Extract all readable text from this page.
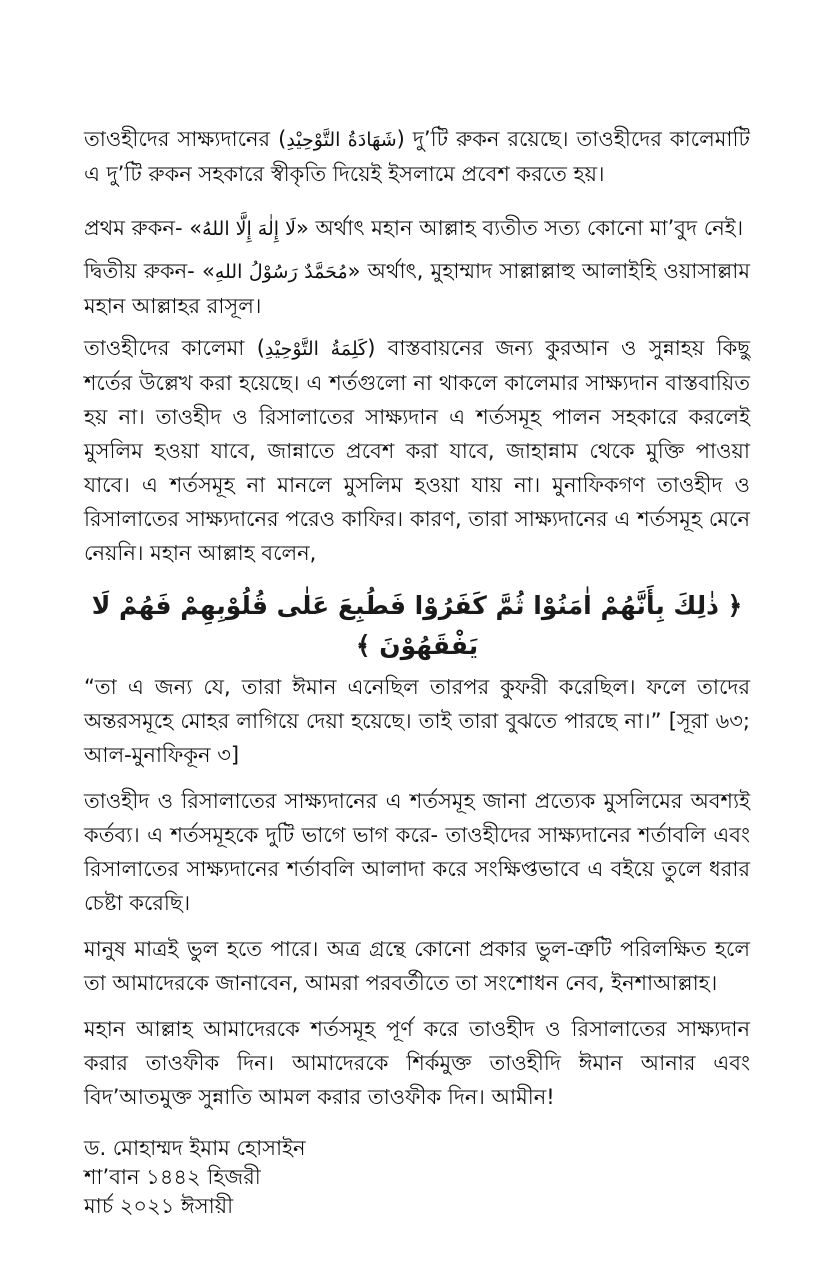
তাওহীদের সাক্ষ্যদানের (شَهَادَةُ التَّوْحِيْدِ) দু’টি রুকন রয়েছে। তাওহীদের কালেমাটি এ দু’টি রুকন সহকারে স্বীকৃতি দিয়েই ইসলামে প্রবেশ করতে হয়।

প্রথম রুকন- «لَا إِلٰهَ إِلَّا اللهُ» অর্থাৎ মহান আল্লাহ ব্যতীত সত্য কোনো মা’বুদ নেই।

দ্বিতীয় রুকন- «مُحَمَّدٌ رَسُوْلُ اللهِ» অর্থাৎ, মুহাম্মাদ সাল্লাল্লাহু আলাইহি ওয়াসাল্লাম মহান আল্লাহর রাসূল।

তাওহীদের কালেমা (كَلِمَةُ التَّوْحِيْدِ) বাস্তবায়নের জন্য কুরআন ও সুন্নাহয় কিছু শর্তের উল্লেখ করা হয়েছে। এ শর্তগুলো না থাকলে কালেমার সাক্ষ্যদান বাস্তবায়িত হয় না। তাওহীদ ও রিসালাতের সাক্ষ্যদান এ শর্তসমূহ পালন সহকারে করলেই মুসলিম হওয়া যাবে, জান্নাতে প্রবেশ করা যাবে, জাহান্নাম থেকে মুক্তি পাওয়া যাবে। এ শর্তসমূহ না মানলে মুসলিম হওয়া যায় না। মুনাফিকগণ তাওহীদ ও রিসালাতের সাক্ষ্যদানের পরেও কাফির। কারণ, তারা সাক্ষ্যদানের এ শর্তসমূহ মেনে নেয়নি। মহান আল্লাহ বলেন,

﴿ ذٰلِكَ بِأَنَّهُمْ اٰمَنُوْا ثُمَّ كَفَرُوْا فَطُبِعَ عَلٰى قُلُوْبِهِمْ فَهُمْ لَا يَفْقَهُوْنَ ﴾

“তা এ জন্য যে, তারা ঈমান এনেছিল তারপর কুফরী করেছিল। ফলে তাদের অন্তরসমূহে মোহর লাগিয়ে দেয়া হয়েছে। তাই তারা বুঝতে পারছে না।” [সূরা ৬৩; আল-মুনাফিকূন ৩]

তাওহীদ ও রিসালাতের সাক্ষ্যদানের এ শর্তসমূহ জানা প্রত্যেক মুসলিমের অবশ্যই কর্তব্য। এ শর্তসমূহকে দুটি ভাগে ভাগ করে- তাওহীদের সাক্ষ্যদানের শর্তাবলি এবং রিসালাতের সাক্ষ্যদানের শর্তাবলি আলাদা করে সংক্ষিপ্তভাবে এ বইয়ে তুলে ধরার চেষ্টা করেছি।

মানুষ মাত্রই ভুল হতে পারে। অত্র গ্রন্থে কোনো প্রকার ভুল-ত্রুটি পরিলক্ষিত হলে তা আমাদেরকে জানাবেন, আমরা পরবর্তীতে তা সংশোধন নেব, ইনশাআল্লাহ।

মহান আল্লাহ আমাদেরকে শর্তসমূহ পূর্ণ করে তাওহীদ ও রিসালাতের সাক্ষ্যদান করার তাওফীক দিন। আমাদেরকে শির্কমুক্ত তাওহীদি ঈমান আনার এবং বিদ’আতমুক্ত সুন্নাতি আমল করার তাওফীক দিন। আমীন!

ড. মোহাম্মদ ইমাম হোসাইন
শা’বান ১৪৪২ হিজরী
মার্চ ২০২১ ঈসায়ী
